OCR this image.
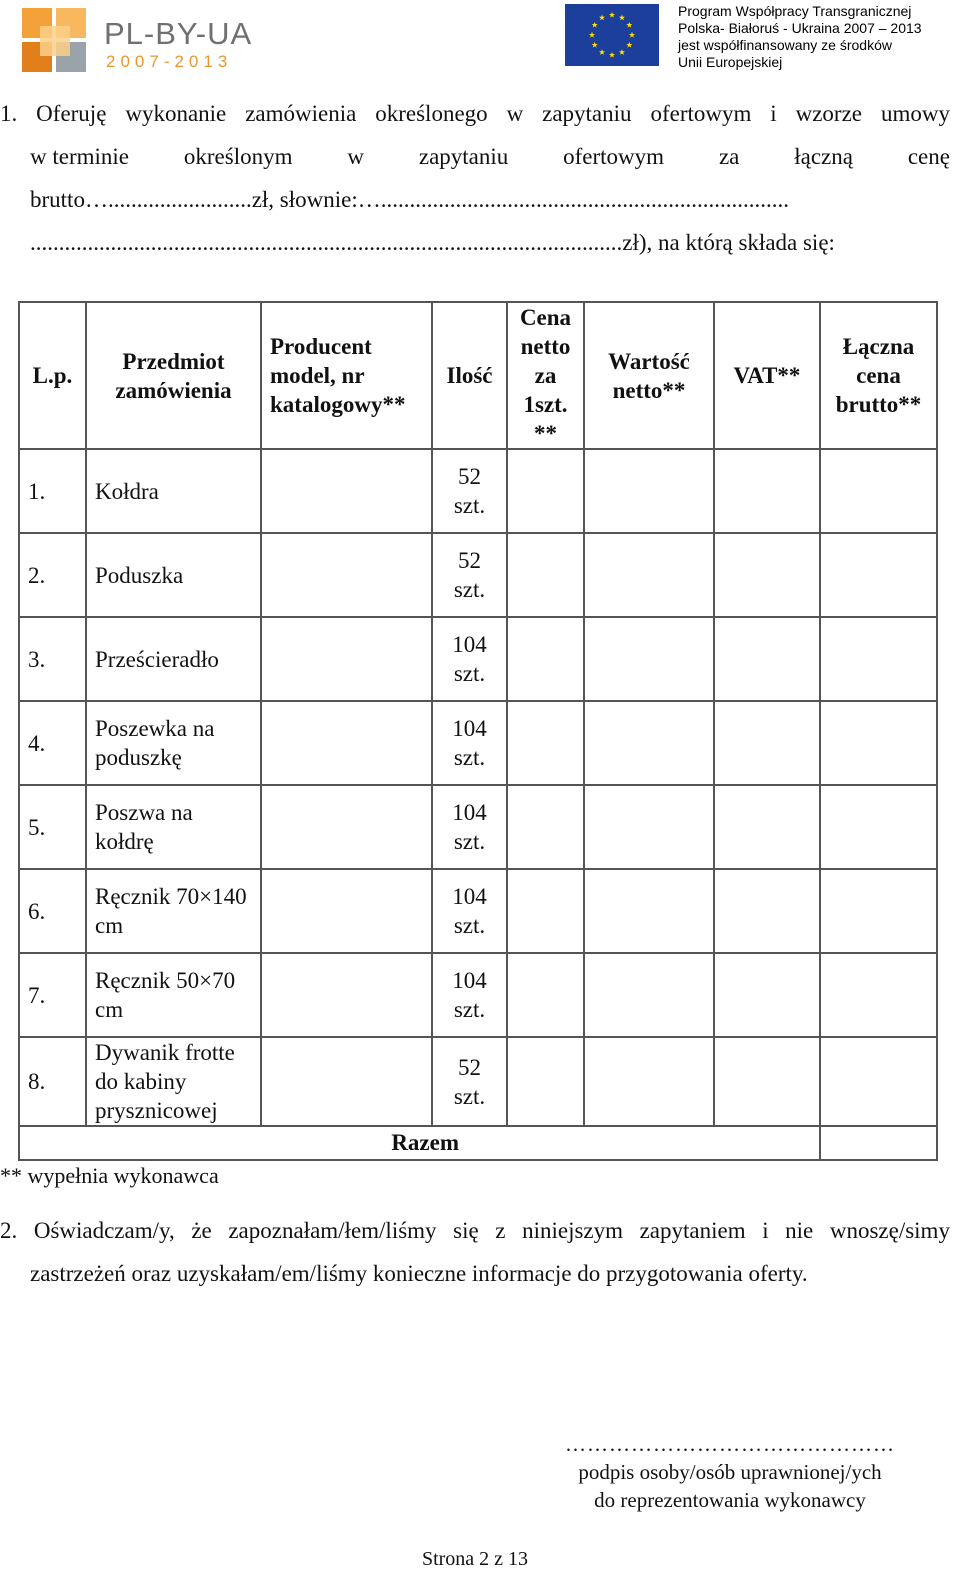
PL-BY-UA
2007-2013
Program Współpracy Transgranicznej
Polska- Białoruś - Ukraina 2007 – 2013
jest współfinansowany ze środków
Unii Europejskiej
1. Oferuję wykonanie zamówienia określonego w zapytaniu ofertowym i wzorze umowy
w terminie określonym w zapytaniu ofertowym za łączną cenę
brutto….........................zł, słownie:….......................................................................
.......................................................................................................zł), na którą składa się:
L.p.	Przedmiot zamówienia	Producent model, nr katalogowy**	Ilość	Cena netto za 1szt. **	Wartość netto**	VAT**	Łączna cena brutto**
1.	Kołdra		52 szt.				
2.	Poduszka		52 szt.				
3.	Prześcieradło		104 szt.				
4.	Poszewka na poduszkę		104 szt.				
5.	Poszwa na kołdrę		104 szt.				
6.	Ręcznik 70×140 cm		104 szt.				
7.	Ręcznik 50×70 cm		104 szt.				
8.	Dywanik frotte do kabiny prysznicowej		52 szt.				
Razem							
** wypełnia wykonawca
2. Oświadczam/y, że zapoznałam/łem/liśmy się z niniejszym zapytaniem i nie wnoszę/simy
zastrzeżeń oraz uzyskałam/em/liśmy konieczne informacje do przygotowania oferty.
………………………………………
podpis osoby/osób uprawnionej/ych
do reprezentowania wykonawcy
Strona 2 z 13
